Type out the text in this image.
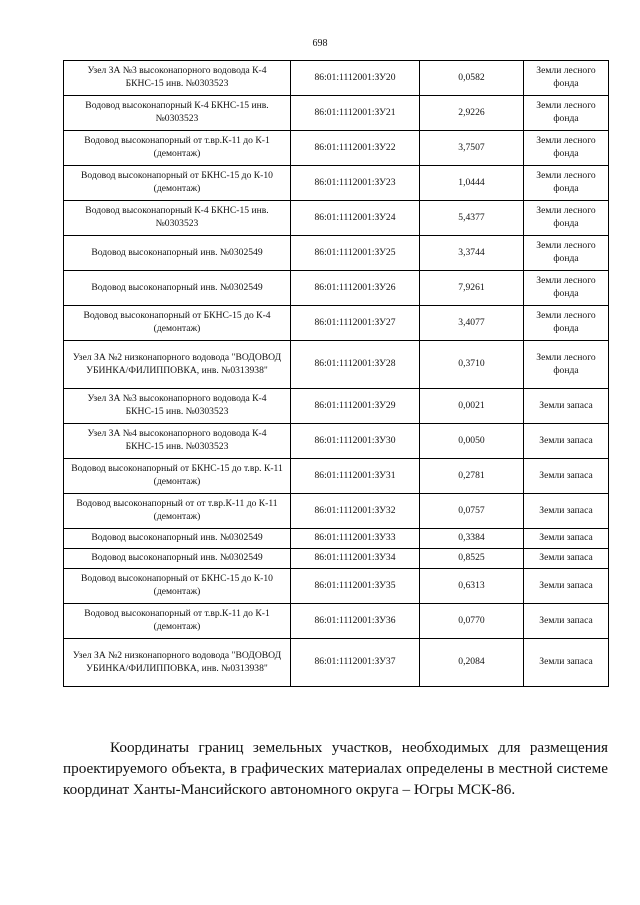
698
Узел ЗА №3 высоконапорного водовода К-4 БКНС-15 инв. №0303523	86:01:1112001:ЗУ20	0,0582	Земли лесного фонда
Водовод высоконапорный К-4 БКНС-15 инв. №0303523	86:01:1112001:ЗУ21	2,9226	Земли лесного фонда
Водовод высоконапорный от т.вр.К-11 до К-1 (демонтаж)	86:01:1112001:ЗУ22	3,7507	Земли лесного фонда
Водовод высоконапорный от БКНС-15 до К-10 (демонтаж)	86:01:1112001:ЗУ23	1,0444	Земли лесного фонда
Водовод высоконапорный К-4 БКНС-15 инв. №0303523	86:01:1112001:ЗУ24	5,4377	Земли лесного фонда
Водовод высоконапорный инв. №0302549	86:01:1112001:ЗУ25	3,3744	Земли лесного фонда
Водовод высоконапорный инв. №0302549	86:01:1112001:ЗУ26	7,9261	Земли лесного фонда
Водовод высоконапорный от БКНС-15 до К-4 (демонтаж)	86:01:1112001:ЗУ27	3,4077	Земли лесного фонда
Узел ЗА №2 низконапорного водовода "ВОДОВОД УБИНКА/ФИЛИППОВКА, инв. №0313938"	86:01:1112001:ЗУ28	0,3710	Земли лесного фонда
Узел ЗА №3 высоконапорного водовода К-4 БКНС-15 инв. №0303523	86:01:1112001:ЗУ29	0,0021	Земли запаса
Узел ЗА №4 высоконапорного водовода К-4 БКНС-15 инв. №0303523	86:01:1112001:ЗУ30	0,0050	Земли запаса
Водовод высоконапорный от БКНС-15 до т.вр. К-11 (демонтаж)	86:01:1112001:ЗУ31	0,2781	Земли запаса
Водовод высоконапорный от от т.вр.К-11 до К-11 (демонтаж)	86:01:1112001:ЗУ32	0,0757	Земли запаса
Водовод высоконапорный инв. №0302549	86:01:1112001:ЗУ33	0,3384	Земли запаса
Водовод высоконапорный инв. №0302549	86:01:1112001:ЗУ34	0,8525	Земли запаса
Водовод высоконапорный от БКНС-15 до К-10 (демонтаж)	86:01:1112001:ЗУ35	0,6313	Земли запаса
Водовод высоконапорный от т.вр.К-11 до К-1 (демонтаж)	86:01:1112001:ЗУ36	0,0770	Земли запаса
Узел ЗА №2 низконапорного водовода "ВОДОВОД УБИНКА/ФИЛИППОВКА, инв. №0313938"	86:01:1112001:ЗУ37	0,2084	Земли запаса

Координаты границ земельных участков, необходимых для размещения проектируемого объекта, в графических материалах определены в местной системе координат Ханты-Мансийского автономного округа – Югры МСК-86.
